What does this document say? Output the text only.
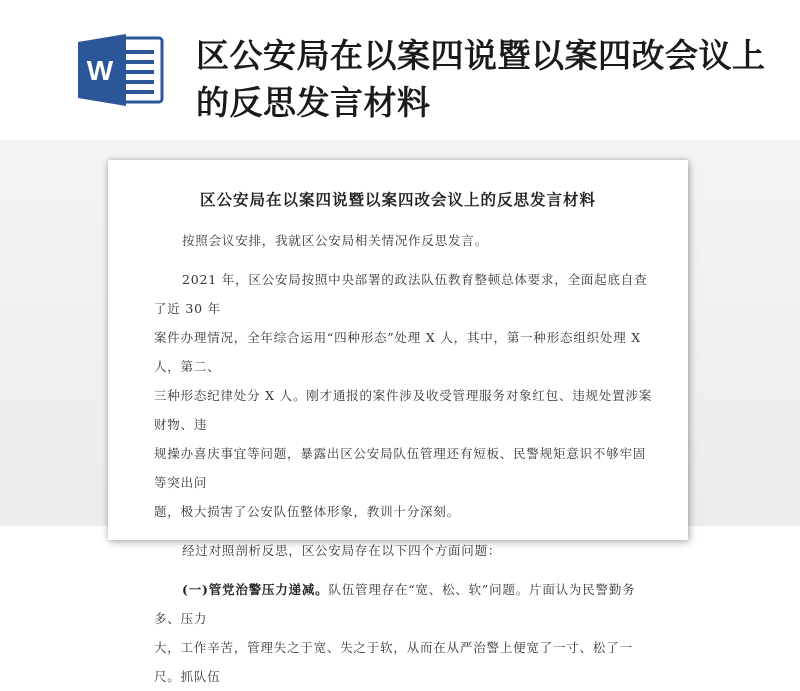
W	区公安局在以案四说暨以案四改会议上的反思发言材料
区公安局在以案四说暨以案四改会议上的反思发言材料

按照会议安排，我就区公安局相关情况作反思发言。

2021 年，区公安局按照中央部署的政法队伍教育整顿总体要求，全面起底自查了近 30 年
案件办理情况，全年综合运用“四种形态”处理 X 人，其中，第一种形态组织处理 X 人，第二、
三种形态纪律处分 X 人。刚才通报的案件涉及收受管理服务对象红包、违规处置涉案财物、违
规操办喜庆事宜等问题，暴露出区公安局队伍管理还有短板、民警规矩意识不够牢固等突出问
题，极大损害了公安队伍整体形象，教训十分深刻。

经过对照剖析反思，区公安局存在以下四个方面问题：

(一)管党治警压力递减。队伍管理存在“宽、松、软”问题。片面认为民警勤务多、压力
大，工作辛苦，管理失之于宽、失之于软，从而在从严治警上便宽了一寸、松了一尺。抓队伍
